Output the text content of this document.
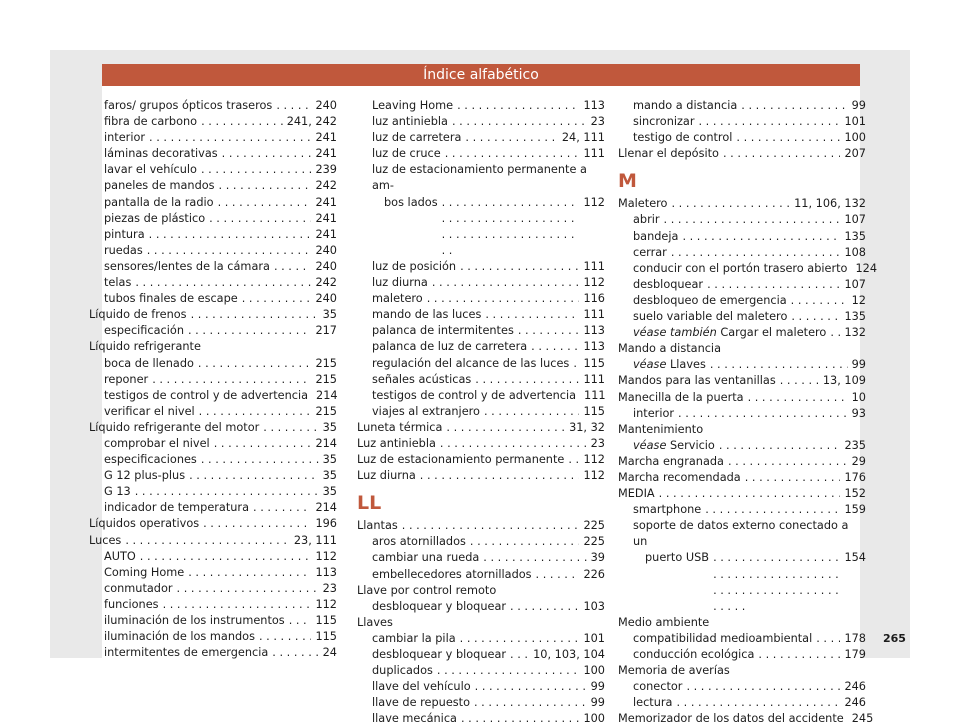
Índice alfabético
faros/ grupos ópticos traseros . . .	240
fibra de carbono . . .	241, 242
interior . . .	241
láminas decorativas . . .	241
lavar el vehículo . . .	239
paneles de mandos . . .	242
pantalla de la radio . . .	241
piezas de plástico . . .	241
pintura . . .	241
ruedas . . .	240
sensores/lentes de la cámara . . .	240
telas . . .	242
tubos finales de escape . . .	240
Líquido de frenos . . .	35
especificación . . .	217
Líquido refrigerante
boca de llenado . . .	215
reponer . . .	215
testigos de control y de advertencia 214
verificar el nivel . . .	215
Líquido refrigerante del motor . . .	35
comprobar el nivel . . .	214
especificaciones . . .	35
G 12 plus-plus . . .	35
G 13 . . .	35
indicador de temperatura . . .	214
Líquidos operativos . . .	196
Luces . . .	23, 111
AUTO . . .	112
Coming Home . . .	113
conmutador . . .	23
funciones . . .	112
iluminación de los instrumentos . . .	115
iluminación de los mandos . . .	115
intermitentes de emergencia . . .	24
Leaving Home . . .	113
luz antiniebla . . .	23
luz de carretera . . .	24, 111
luz de cruce . . .	111
luz de estacionamiento permanente a am-
bos lados . . .	112
luz de posición . . .	111
luz diurna . . .	112
maletero . . .	116
mando de las luces . . .	111
palanca de intermitentes . . .	113
palanca de luz de carretera . . .	113
regulación del alcance de las luces . . . 115
señales acústicas . . .	111
testigos de control y de advertencia 111
viajes al extranjero . . .	115
Luneta térmica . . .	31, 32
Luz antiniebla . . .	23
Luz de estacionamiento permanente . . . 112
Luz diurna . . .	112
LL
Llantas . . .	225
aros atornillados . . .	225
cambiar una rueda . . .	39
embellecedores atornillados . . .	226
Llave por control remoto
desbloquear y bloquear . . .	103
Llaves
cambiar la pila . . .	101
desbloquear y bloquear . . . 10, 103, 104
duplicados . . .	100
llave del vehículo . . .	99
llave de repuesto . . .	99
llave mecánica . . .	100
mando a distancia . . .	99
sincronizar . . .	101
testigo de control . . .	100
Llenar el depósito . . .	207
M
Maletero . . .	11, 106, 132
abrir . . .	107
bandeja . . .	135
cerrar . . .	108
conducir con el portón trasero abierto 124
desbloquear . . .	107
desbloqueo de emergencia . . .	12
suelo variable del maletero . . .	135
véase también Cargar el maletero . . . 132
Mando a distancia
véase Llaves . . .	99
Mandos para las ventanillas . . .	13, 109
Manecilla de la puerta . . .	10
interior . . .	93
Mantenimiento
véase Servicio . . .	235
Marcha engranada . . .	29
Marcha recomendada . . .	176
MEDIA . . .	152
smartphone . . .	159
soporte de datos externo conectado a un
puerto USB . . .	154
Medio ambiente
compatibilidad medioambiental . . .	178
conducción ecológica . . .	179
Memoria de averías
conector . . .	246
lectura . . .	246
Memorizador de los datos del accidente 245
265
